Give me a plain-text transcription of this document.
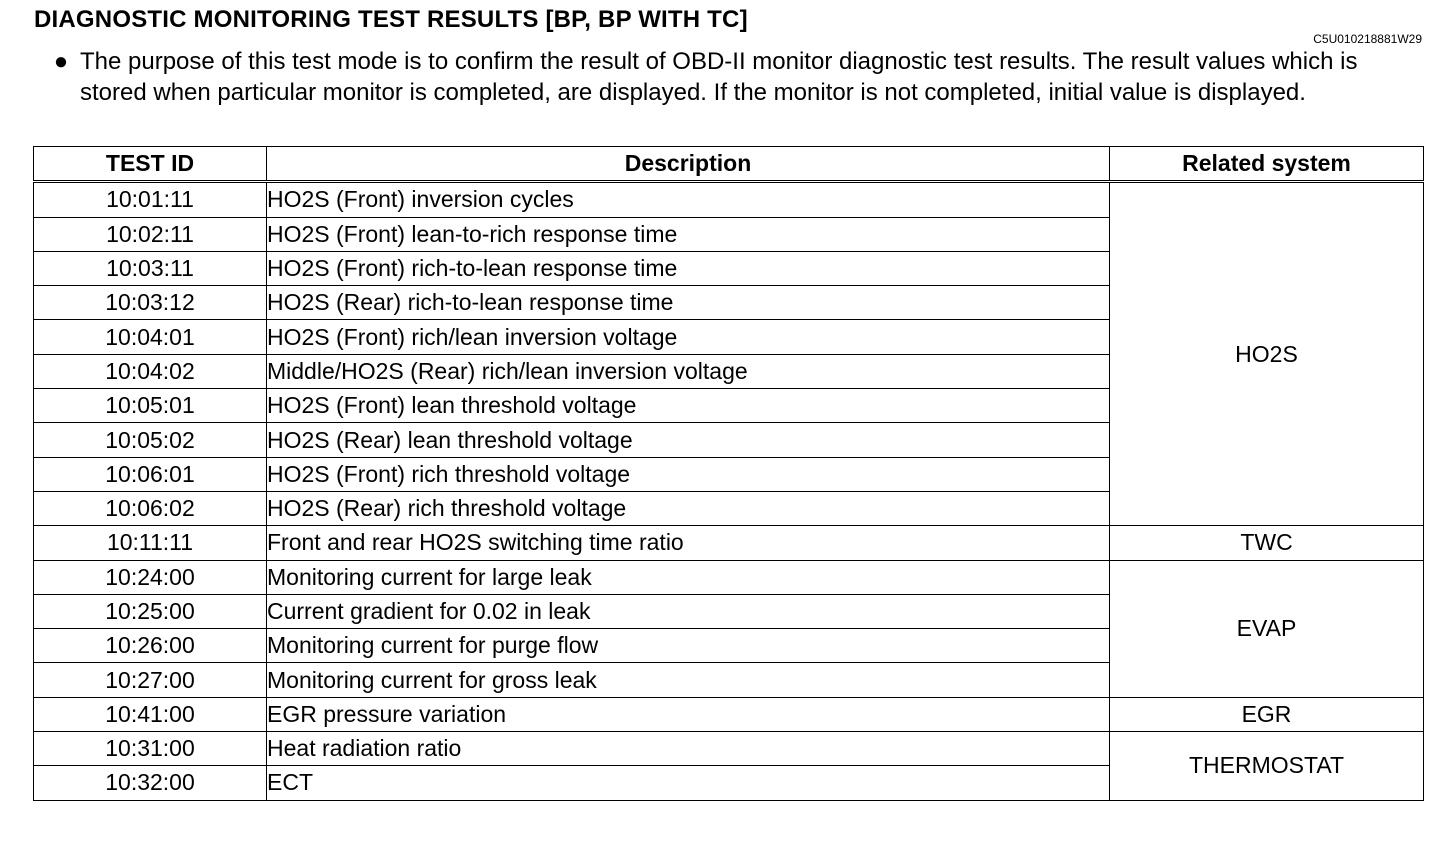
DIAGNOSTIC MONITORING TEST RESULTS [BP, BP WITH TC]
C5U010218881W29
● The purpose of this test mode is to confirm the result of OBD-II monitor diagnostic test results. The result values which is stored when particular monitor is completed, are displayed. If the monitor is not completed, initial value is displayed.
TEST ID	Description	Related system
10:01:11	HO2S (Front) inversion cycles	HO2S
10:02:11	HO2S (Front) lean-to-rich response time	
10:03:11	HO2S (Front) rich-to-lean response time	
10:03:12	HO2S (Rear) rich-to-lean response time	
10:04:01	HO2S (Front) rich/lean inversion voltage	
10:04:02	Middle/HO2S (Rear) rich/lean inversion voltage	
10:05:01	HO2S (Front) lean threshold voltage	
10:05:02	HO2S (Rear) lean threshold voltage	
10:06:01	HO2S (Front) rich threshold voltage	
10:06:02	HO2S (Rear) rich threshold voltage	
10:11:11	Front and rear HO2S switching time ratio	TWC
10:24:00	Monitoring current for large leak	EVAP
10:25:00	Current gradient for 0.02 in leak	
10:26:00	Monitoring current for purge flow	
10:27:00	Monitoring current for gross leak	
10:41:00	EGR pressure variation	EGR
10:31:00	Heat radiation ratio	THERMOSTAT
10:32:00	ECT	
